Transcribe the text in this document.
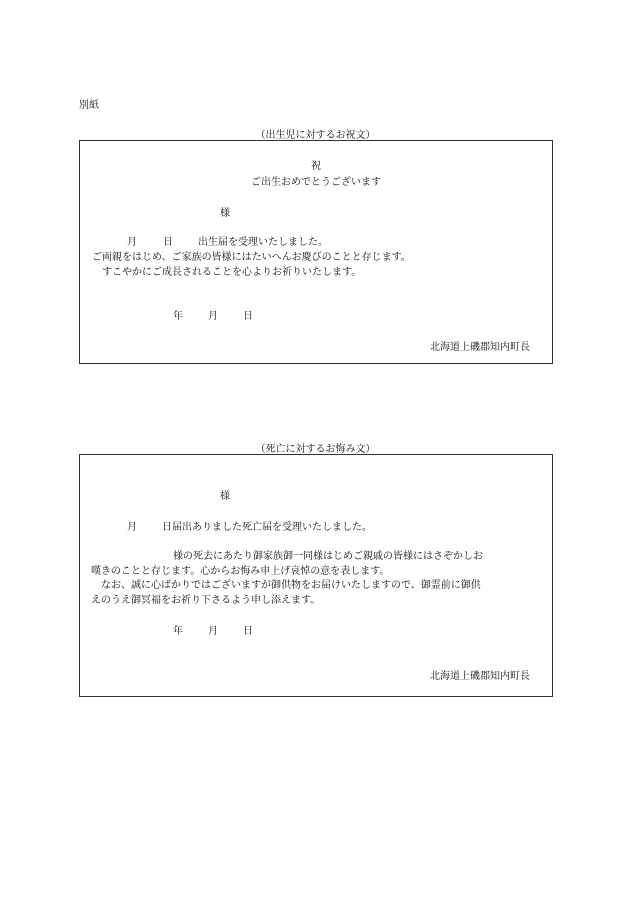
別紙
（出生児に対するお祝文）
祝
ご出生おめでとうございます
様
月	日	出生届を受理いたしました。
ご両親をはじめ、ご家族の皆様にはたいへんお慶びのことと存じます。
すこやかにご成長されることを心よりお祈りいたします。
年	月	日
北海道上磯郡知内町長
（死亡に対するお悔み文）
様
月	日届出ありました死亡届を受理いたしました。
様の死去にあたり御家族御一同様はじめご親戚の皆様にはさぞかしお
嘆きのことと存じます。心からお悔み申上げ哀悼の意を表します。
なお、誠に心ばかりではございますが御供物をお届けいたしますので、御霊前に御供
えのうえ御冥福をお祈り下さるよう申し添えます。
年	月	日
北海道上磯郡知内町長
